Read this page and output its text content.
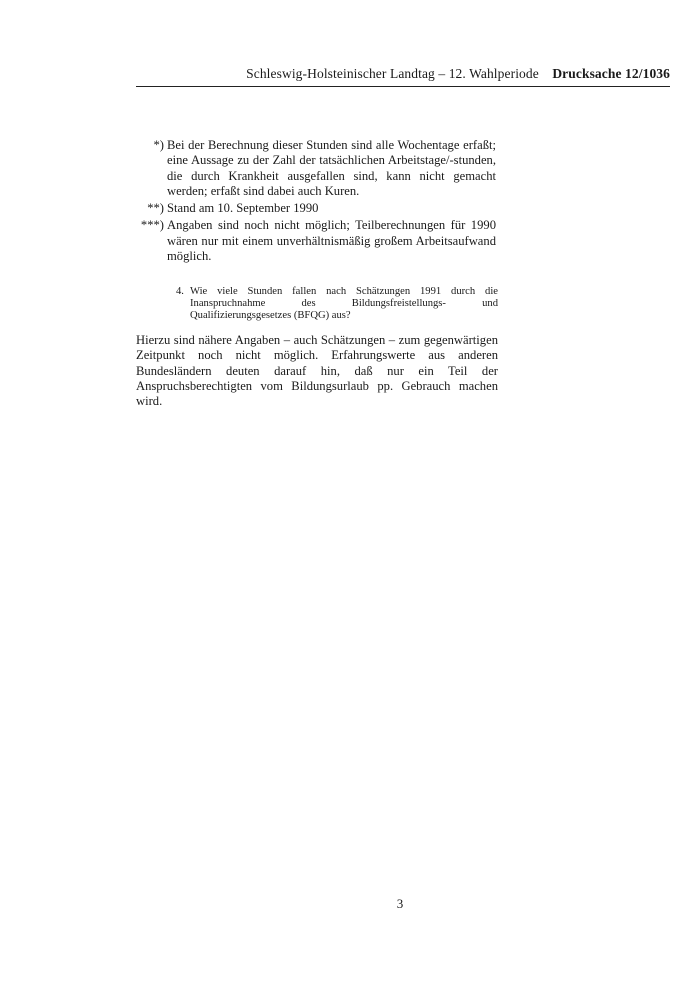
Schleswig-Holsteinischer Landtag – 12. Wahlperiode Drucksache 12/1036
*) Bei der Berechnung dieser Stunden sind alle Wochentage erfaßt; eine Aussage zu der Zahl der tatsächlichen Arbeitstage/-stunden, die durch Krankheit ausgefallen sind, kann nicht gemacht werden; erfaßt sind dabei auch Kuren.
**) Stand am 10. September 1990
***) Angaben sind noch nicht möglich; Teilberechnungen für 1990 wären nur mit einem unverhältnismäßig großem Arbeitsaufwand möglich.
4. Wie viele Stunden fallen nach Schätzungen 1991 durch die Inanspruchnahme des Bildungsfreistellungs- und Qualifizierungsgesetzes (BFQG) aus?
Hierzu sind nähere Angaben – auch Schätzungen – zum gegenwärtigen Zeitpunkt noch nicht möglich. Erfahrungswerte aus anderen Bundesländern deuten darauf hin, daß nur ein Teil der Anspruchsberechtigten vom Bildungsurlaub pp. Gebrauch machen wird.
3
